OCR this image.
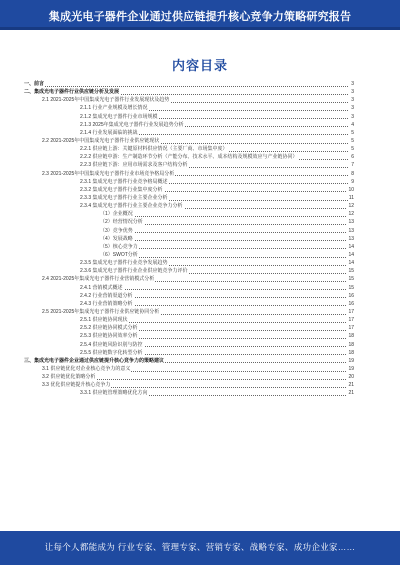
集成光电子器件企业通过供应链提升核心竞争力策略研究报告
内容目录
一、前言	3
二、集成光电子器件行业供应链分析及发展	3
2.1 2021-2025年中国集成光电子器件行业发展现状及趋势	3
2.1.1 行业产业规模及增长情况	3
2.1.2 集成光电子器件行业市场规模	3
2.1.3 2025年集成光电子器件行业发展趋势分析	4
2.1.4 行业发展面临的挑战	5
2.2 2021-2025年中国集成光电子器件行业供应链现状	5
2.2.1 供应链上游：关键原材料供应情况（主要厂商、市场集中度）	5
2.2.2 供应链中游：生产制造环节分析（产能分布、技术水平、成本结构及规模效应与产业链协同）	6
2.2.3 供应链下游：应用市场需求及客户结构分析	7
2.3 2021-2025年中国集成光电子器件行业市场竞争格局分析	8
2.3.1 集成光电子器件行业竞争格局概述	9
2.3.2 集成光电子器件行业集中度分析	10
2.3.3 集成光电子器件行业主要企业分析	11
2.3.4 集成光电子器件行业主要企业竞争力分析	12
（1）企业概况	12
（2）经营情况分析	13
（3）竞争优势	13
（4）发展战略	13
（5）核心竞争力	14
（6）SWOT分析	14
2.3.5 集成光电子器件行业竞争发展趋势	14
2.3.6 集成光电子器件行业企业供应链竞争力评价	15
2.4 2021-2025年集成光电子器件行业营销模式分析	15
2.4.1 营销模式概述	15
2.4.2 行业营销渠道分析	16
2.4.3 行业营销策略分析	16
2.5 2021-2025年集成光电子器件行业供应链协同分析	17
2.5.1 供应链协同现状	17
2.5.2 供应链协同模式分析	17
2.5.3 供应链协同效率分析	18
2.5.4 供应链风险识别与防控	18
2.5.5 供应链数字化转型分析	18
三、集成光电子器件企业通过供应链提升核心竞争力的策略建议	19
3.1 供应链优化对企业核心竞争力的意义	19
3.2 供应链优化策略分析	20
3.3 优化供应链提升核心竞争力	21
3.3.1 供应链管理策略优化方向	21
让每个人都能成为 行业专家、管理专家、营销专家、战略专家、成功企业家……
